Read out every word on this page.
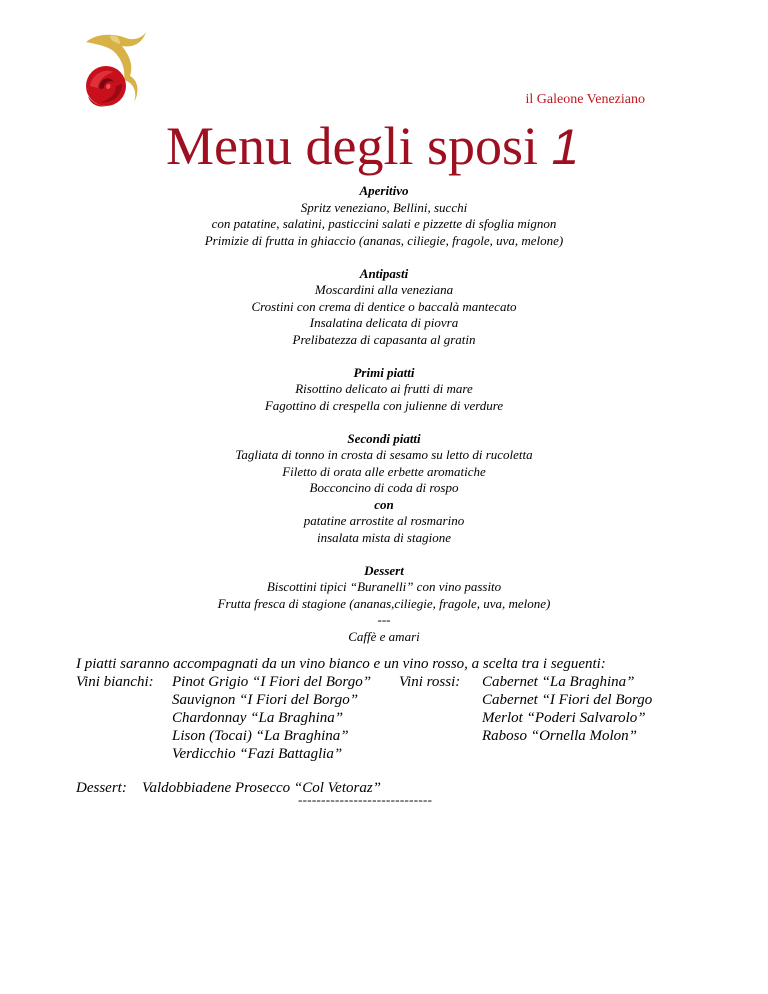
il Galeone Veneziano
Menu degli sposi 1
Aperitivo
Spritz veneziano, Bellini, succhi
con patatine, salatini, pasticcini salati e pizzette di sfoglia mignon
Primizie di frutta in ghiaccio (ananas, ciliegie, fragole, uva, melone)
Antipasti
Moscardini alla veneziana
Crostini con crema di dentice o baccalà mantecato
Insalatina delicata di piovra
Prelibatezza di capasanta al gratin
Primi piatti
Risottino delicato ai frutti di mare
Fagottino di crespella con julienne di verdure
Secondi piatti
Tagliata di tonno in crosta di sesamo su letto di rucoletta
Filetto di orata alle erbette aromatiche
Bocconcino di coda di rospo
con
patatine arrostite al rosmarino
insalata mista di stagione
Dessert
Biscottini tipici “Buranelli” con vino passito
Frutta fresca di stagione (ananas,ciliegie, fragole, uva, melone)
---
Caffè e amari
I piatti saranno accompagnati da un vino bianco e un vino rosso, a scelta tra i seguenti:
Vini bianchi: Pinot Grigio “I Fiori del Borgo”
Sauvignon “I Fiori del Borgo”
Chardonnay “La Braghina”
Lison (Tocai) “La Braghina”
Verdicchio “Fazi Battaglia”
Vini rossi: Cabernet “La Braghina”
Cabernet “I Fiori del Borgo
Merlot “Poderi Salvarolo”
Raboso “Ornella Molon”
Dessert: Valdobbiadene Prosecco “Col Vetoraz”
-----------------------------
